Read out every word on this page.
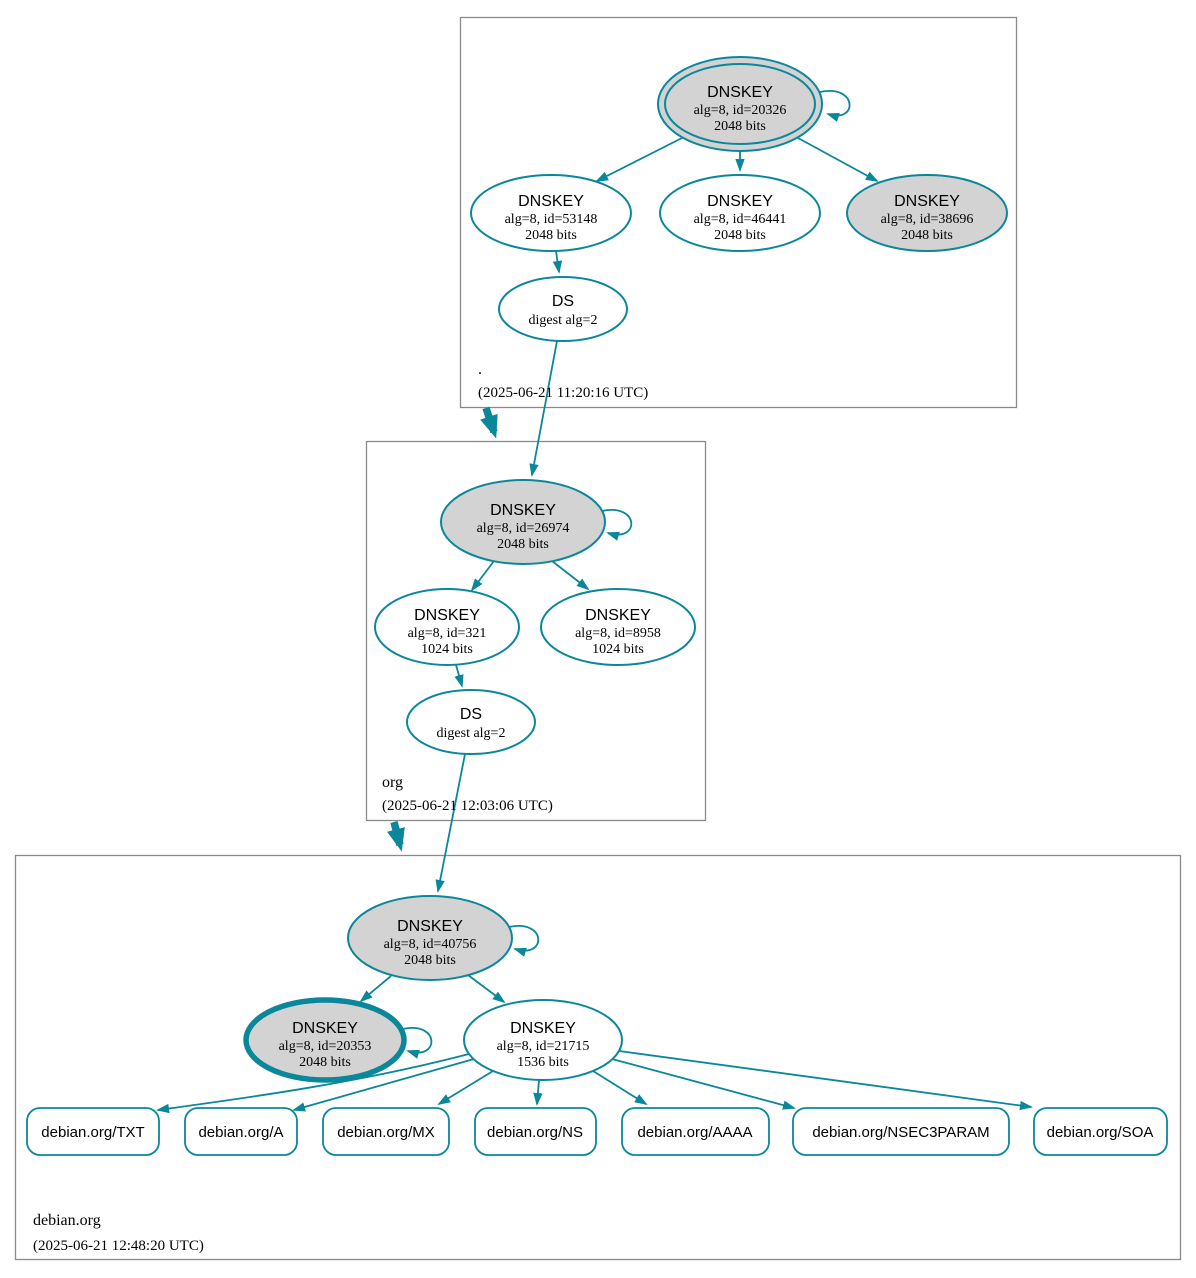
DNSKEY
alg=8, id=20326
2048 bits
DNSKEY
alg=8, id=53148
2048 bits
DNSKEY
alg=8, id=46441
2048 bits
DNSKEY
alg=8, id=38696
2048 bits
DS
digest alg=2
.
(2025-06-21 11:20:16 UTC)
DNSKEY
alg=8, id=26974
2048 bits
DNSKEY
alg=8, id=321
1024 bits
DNSKEY
alg=8, id=8958
1024 bits
DS
digest alg=2
org
(2025-06-21 12:03:06 UTC)
DNSKEY
alg=8, id=40756
2048 bits
DNSKEY
alg=8, id=20353
2048 bits
DNSKEY
alg=8, id=21715
1536 bits
debian.org/TXT	debian.org/A	debian.org/MX	debian.org/NS	debian.org/AAAA	debian.org/NSEC3PARAM	debian.org/SOA
debian.org
(2025-06-21 12:48:20 UTC)
